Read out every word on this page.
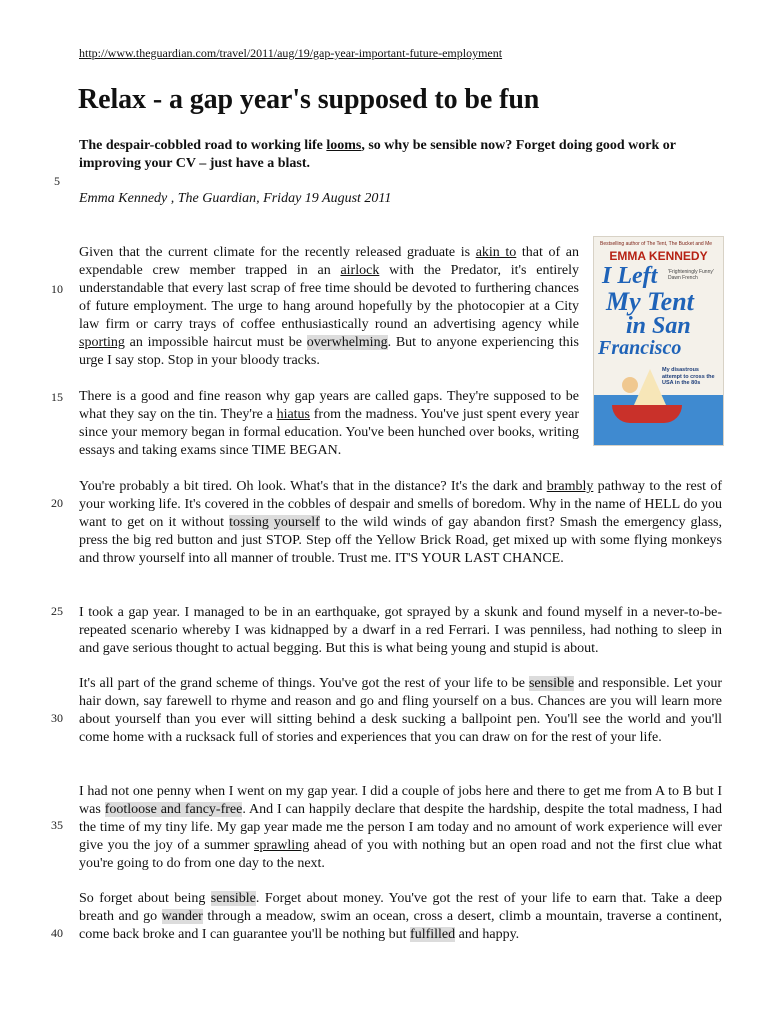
http://www.theguardian.com/travel/2011/aug/19/gap-year-important-future-employment
Relax - a gap year's supposed to be fun

The despair-cobbled road to working life looms, so why be sensible now? Forget doing good work or improving your CV – just have a blast.

5
Emma Kennedy , The Guardian, Friday 19 August 2011
10
15
20
25
30
35
40
Bestselling author of The Tent, The Bucket and Me
EMMA KENNEDY
'Frighteningly Funny' Dawn French
I Left
My Tent
in San
Francisco
My disastrous attempt to cross the USA in the 80s

Given that the current climate for the recently released graduate is akin to that of an expendable crew member trapped in an airlock with the Predator, it's entirely understandable that every last scrap of free time should be devoted to furthering chances of future employment. The urge to hang around hopefully by the photocopier at a City law firm or carry trays of coffee enthusiastically round an advertising agency while sporting an impossible haircut must be overwhelming. But to anyone experiencing this urge I say stop. Stop in your bloody tracks.

There is a good and fine reason why gap years are called gaps. They're supposed to be what they say on the tin. They're a hiatus from the madness. You've just spent every year since your memory began in formal education. You've been hunched over books, writing essays and taking exams since TIME BEGAN.

You're probably a bit tired. Oh look. What's that in the distance? It's the dark and brambly pathway to the rest of your working life. It's covered in the cobbles of despair and smells of boredom. Why in the name of HELL do you want to get on it without tossing yourself to the wild winds of gay abandon first? Smash the emergency glass, press the big red button and just STOP. Step off the Yellow Brick Road, get mixed up with some flying monkeys and throw yourself into all manner of trouble. Trust me. IT'S YOUR LAST CHANCE.

I took a gap year. I managed to be in an earthquake, got sprayed by a skunk and found myself in a never-to-be-repeated scenario whereby I was kidnapped by a dwarf in a red Ferrari. I was penniless, had nothing to sleep in and gave serious thought to actual begging. But this is what being young and stupid is about.

It's all part of the grand scheme of things. You've got the rest of your life to be sensible and responsible. Let your hair down, say farewell to rhyme and reason and go and fling yourself on a bus. Chances are you will learn more about yourself than you ever will sitting behind a desk sucking a ballpoint pen. You'll see the world and you'll come home with a rucksack full of stories and experiences that you can draw on for the rest of your life.

I had not one penny when I went on my gap year. I did a couple of jobs here and there to get me from A to B but I was footloose and fancy-free. And I can happily declare that despite the hardship, despite the total madness, I had the time of my tiny life. My gap year made me the person I am today and no amount of work experience will ever give you the joy of a summer sprawling ahead of you with nothing but an open road and not the first clue what you're going to do from one day to the next.

So forget about being sensible. Forget about money. You've got the rest of your life to earn that. Take a deep breath and go wander through a meadow, swim an ocean, cross a desert, climb a mountain, traverse a continent, come back broke and I can guarantee you'll be nothing but fulfilled and happy.
